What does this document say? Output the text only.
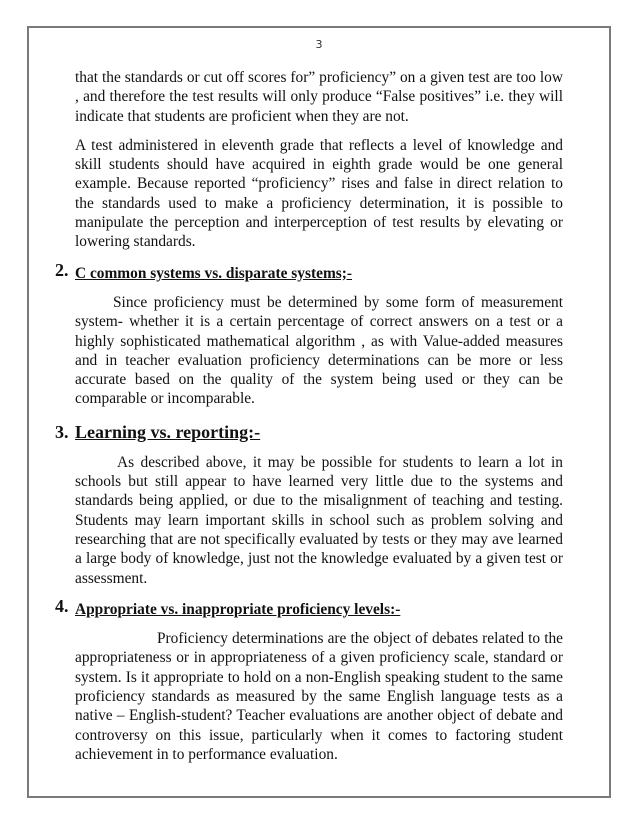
3

that the standards or cut off scores for” proficiency” on a given test are too low , and therefore the test results will only produce “False positives” i.e. they will indicate that students are proficient when they are not.

A test administered in eleventh grade that reflects a level of knowledge and skill students should have acquired in eighth grade would be one general example. Because reported “proficiency” rises and false in direct relation to the standards used to make a proficiency determination, it is possible to manipulate the perception and interperception of test results by elevating or lowering standards.

2. C common systems vs. disparate systems;-

Since proficiency must be determined by some form of measurement system- whether it is a certain percentage of correct answers on a test or a highly sophisticated mathematical algorithm , as with Value-added measures and in teacher evaluation proficiency determinations can be more or less accurate based on the quality of the system being used or they can be comparable or incomparable.

3. Learning vs. reporting:-

As described above, it may be possible for students to learn a lot in schools but still appear to have learned very little due to the systems and standards being applied, or due to the misalignment of teaching and testing. Students may learn important skills in school such as problem solving and researching that are not specifically evaluated by tests or they may ave learned a large body of knowledge, just not the knowledge evaluated by a given test or assessment.

4. Appropriate vs. inappropriate proficiency levels:-

Proficiency determinations are the object of debates related to the appropriateness or in appropriateness of a given proficiency scale, standard or system. Is it appropriate to hold on a non-English speaking student to the same proficiency standards as measured by the same English language tests as a native – English-student? Teacher evaluations are another object of debate and controversy on this issue, particularly when it comes to factoring student achievement in to performance evaluation.
